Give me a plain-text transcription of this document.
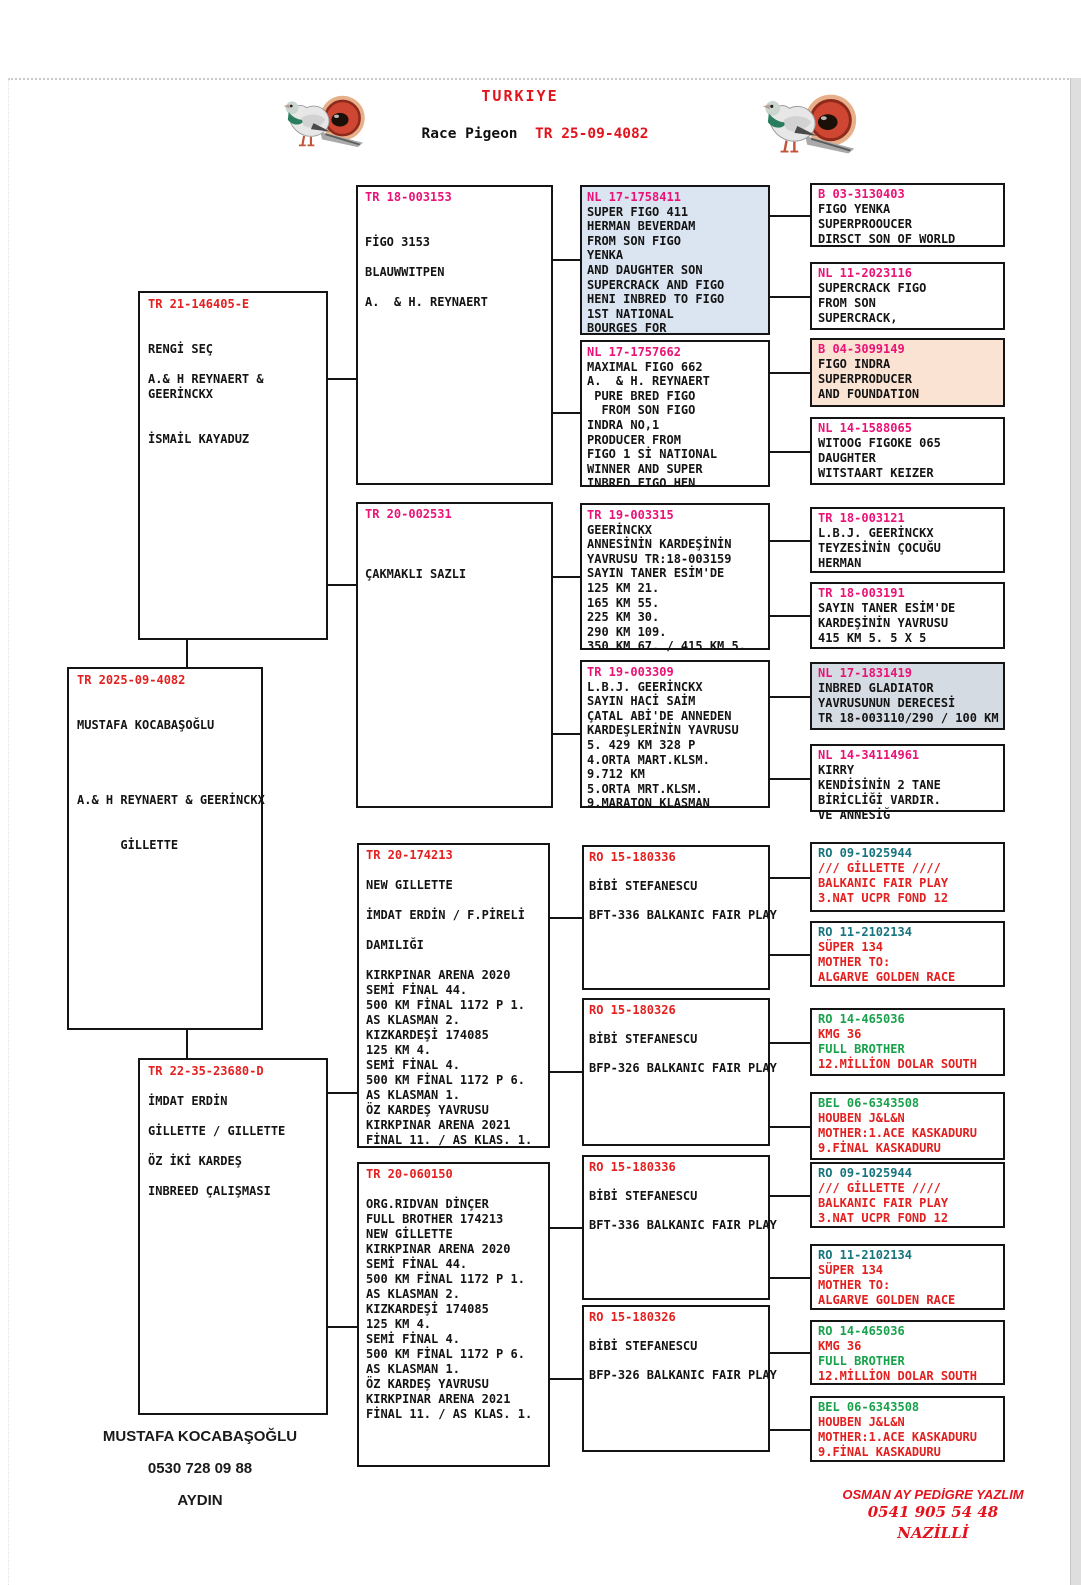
TURKIYE
Race Pigeon TR 25-09-4082
TR 2025-09-4082

MUSTAFA KOCABAŞOĞLU

A.& H REYNAERT & GEERİNCKX

GİLLETTE
TR 21-146405-E

RENGİ SEÇ

A.& H REYNAERT &
GEERİNCKX

İSMAİL KAYADUZ
TR 22-35-23680-D

İMDAT ERDİN

GİLLETTE / GILLETTE

ÖZ İKİ KARDEŞ

INBREED ÇALIŞMASI
TR 18-003153

FİGO 3153

BLAUWWITPEN

A.  & H. REYNAERT
TR 20-002531

ÇAKMAKLI SAZLI
TR 20-174213

NEW GILLETTE

İMDAT ERDİN / F.PİRELİ

DAMILIĞI

KIRKPINAR ARENA 2020
SEMİ FİNAL 44.
500 KM FİNAL 1172 P 1.
AS KLASMAN 2.
KIZKARDEŞİ 174085
125 KM 4.
SEMİ FİNAL 4.
500 KM FİNAL 1172 P 6.
AS KLASMAN 1.
ÖZ KARDEŞ YAVRUSU
KIRKPINAR ARENA 2021
FİNAL 11. / AS KLAS. 1.
TR 20-060150

ORG.RIDVAN DİNÇER
FULL BROTHER 174213
NEW GİLLETTE
KIRKPINAR ARENA 2020
SEMİ FİNAL 44.
500 KM FİNAL 1172 P 1.
AS KLASMAN 2.
KIZKARDEŞİ 174085
125 KM 4.
SEMİ FİNAL 4.
500 KM FİNAL 1172 P 6.
AS KLASMAN 1.
ÖZ KARDEŞ YAVRUSU
KIRKPINAR ARENA 2021
FİNAL 11. / AS KLAS. 1.
NL 17-1758411
SUPER FIGO 411
HERMAN BEVERDAM
FROM SON FIGO
YENKA
AND DAUGHTER SON
SUPERCRACK AND FIGO
HENI INBRED TO FIGO
1ST NATIONAL
BOURGES FOR
NL 17-1757662
MAXIMAL FIGO 662
A.  & H. REYNAERT
PURE BRED FIGO
FROM SON FIGO
INDRA NO,1
PRODUCER FROM
FIGO 1 Sİ NATIONAL
WINNER AND SUPER
INBRED FIGO HEN
TR 19-003315
GEERİNCKX
ANNESİNİN KARDEŞİNİN
YAVRUSU TR:18-003159
SAYIN TANER ESİM'DE
125 KM 21.
165 KM 55.
225 KM 30.
290 KM 109.
350 KM 67. / 415 KM 5.
TR 19-003309
L.B.J. GEERİNCKX
SAYIN HACİ SAİM
ÇATAL ABİ'DE ANNEDEN
KARDEŞLERİNİN YAVRUSU
5. 429 KM 328 P
4.ORTA MART.KLSM.
9.712 KM
5.ORTA MRT.KLSM.
9.MARATON KLASMAN
RO 15-180336

BİBİ STEFANESCU

BFT-336 BALKANIC FAIR PLAY
RO 15-180326

BİBİ STEFANESCU

BFP-326 BALKANIC FAIR PLAY
RO 15-180336

BİBİ STEFANESCU

BFT-336 BALKANIC FAIR PLAY
RO 15-180326

BİBİ STEFANESCU

BFP-326 BALKANIC FAIR PLAY
B 03-3130403
FIGO YENKA
SUPERPROOUCER
DIRSCT SON OF WORLD
NL 11-2023116
SUPERCRACK FIGO
FROM SON
SUPERCRACK,
B 04-3099149
FIGO INDRA
SUPERPRODUCER
AND FOUNDATION
NL 14-1588065
WITOOG FIGOKE 065
DAUGHTER
WITSTAART KEIZER
TR 18-003121
L.B.J. GEERİNCKX
TEYZESİNİN ÇOCUĞU
HERMAN
TR 18-003191
SAYIN TANER ESİM'DE
KARDEŞİNİN YAVRUSU
415 KM 5. 5 X 5
NL 17-1831419
INBRED GLADIATOR
YAVRUSUNUN DERECESİ
TR 18-003110/290 / 100 KM
NL 14-34114961
KIRRY
KENDİSİNİN 2 TANE
BİRİCLİĞİ VARDIR.
VE ANNESİĞ
RO 09-1025944
/// GİLLETTE ////
BALKANIC FAIR PLAY
3.NAT UCPR FOND 12
RO 11-2102134
SÜPER 134
MOTHER TO:
ALGARVE GOLDEN RACE
RO 14-465036
KMG 36
FULL BROTHER
12.MİLLİON DOLAR SOUTH
BEL 06-6343508
HOUBEN J&L&N
MOTHER:1.ACE KASKADURU
9.FİNAL KASKADURU
RO 09-1025944
/// GİLLETTE ////
BALKANIC FAIR PLAY
3.NAT UCPR FOND 12
RO 11-2102134
SÜPER 134
MOTHER TO:
ALGARVE GOLDEN RACE
RO 14-465036
KMG 36
FULL BROTHER
12.MİLLİON DOLAR SOUTH
BEL 06-6343508
HOUBEN J&L&N
MOTHER:1.ACE KASKADURU
9.FİNAL KASKADURU
MUSTAFA KOCABAŞOĞLU
0530 728 09 88
AYDIN	OSMAN AY PEDİGRE YAZLIM
0541 905 54 48
NAZİLLİ
